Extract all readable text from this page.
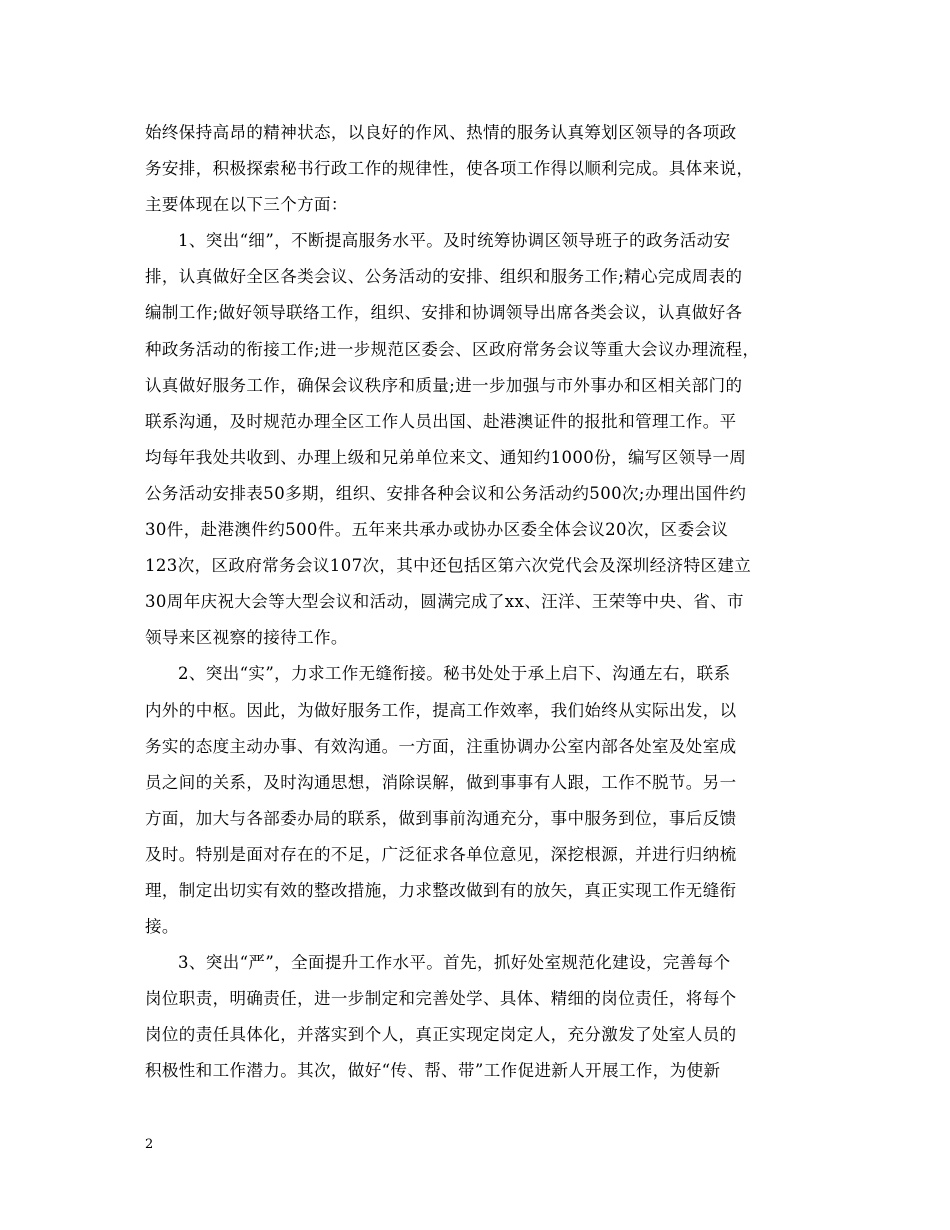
始终保持高昂的精神状态，以良好的作风、热情的服务认真筹划区领导的各项政
务安排，积极探索秘书行政工作的规律性，使各项工作得以顺利完成。具体来说，
主要体现在以下三个方面：
1、突出“细”，不断提高服务水平。及时统筹协调区领导班子的政务活动安
排，认真做好全区各类会议、公务活动的安排、组织和服务工作;精心完成周表的
编制工作;做好领导联络工作，组织、安排和协调领导出席各类会议，认真做好各
种政务活动的衔接工作;进一步规范区委会、区政府常务会议等重大会议办理流程，
认真做好服务工作，确保会议秩序和质量;进一步加强与市外事办和区相关部门的
联系沟通，及时规范办理全区工作人员出国、赴港澳证件的报批和管理工作。平
均每年我处共收到、办理上级和兄弟单位来文、通知约1000份，编写区领导一周
公务活动安排表50多期，组织、安排各种会议和公务活动约500次;办理出国件约
30件，赴港澳件约500件。五年来共承办或协办区委全体会议20次，区委会议
123次，区政府常务会议107次，其中还包括区第六次党代会及深圳经济特区建立
30周年庆祝大会等大型会议和活动，圆满完成了xx、汪洋、王荣等中央、省、市
领导来区视察的接待工作。
2、突出“实”，力求工作无缝衔接。秘书处处于承上启下、沟通左右，联系
内外的中枢。因此，为做好服务工作，提高工作效率，我们始终从实际出发，以
务实的态度主动办事、有效沟通。一方面，注重协调办公室内部各处室及处室成
员之间的关系，及时沟通思想，消除误解，做到事事有人跟，工作不脱节。另一
方面，加大与各部委办局的联系，做到事前沟通充分，事中服务到位，事后反馈
及时。特别是面对存在的不足，广泛征求各单位意见，深挖根源，并进行归纳梳
理，制定出切实有效的整改措施，力求整改做到有的放矢，真正实现工作无缝衔
接。
3、突出“严”，全面提升工作水平。首先，抓好处室规范化建设，完善每个
岗位职责，明确责任，进一步制定和完善处学、具体、精细的岗位责任，将每个
岗位的责任具体化，并落实到个人，真正实现定岗定人，充分激发了处室人员的
积极性和工作潜力。其次，做好“传、帮、带”工作促进新人开展工作，为使新
2
